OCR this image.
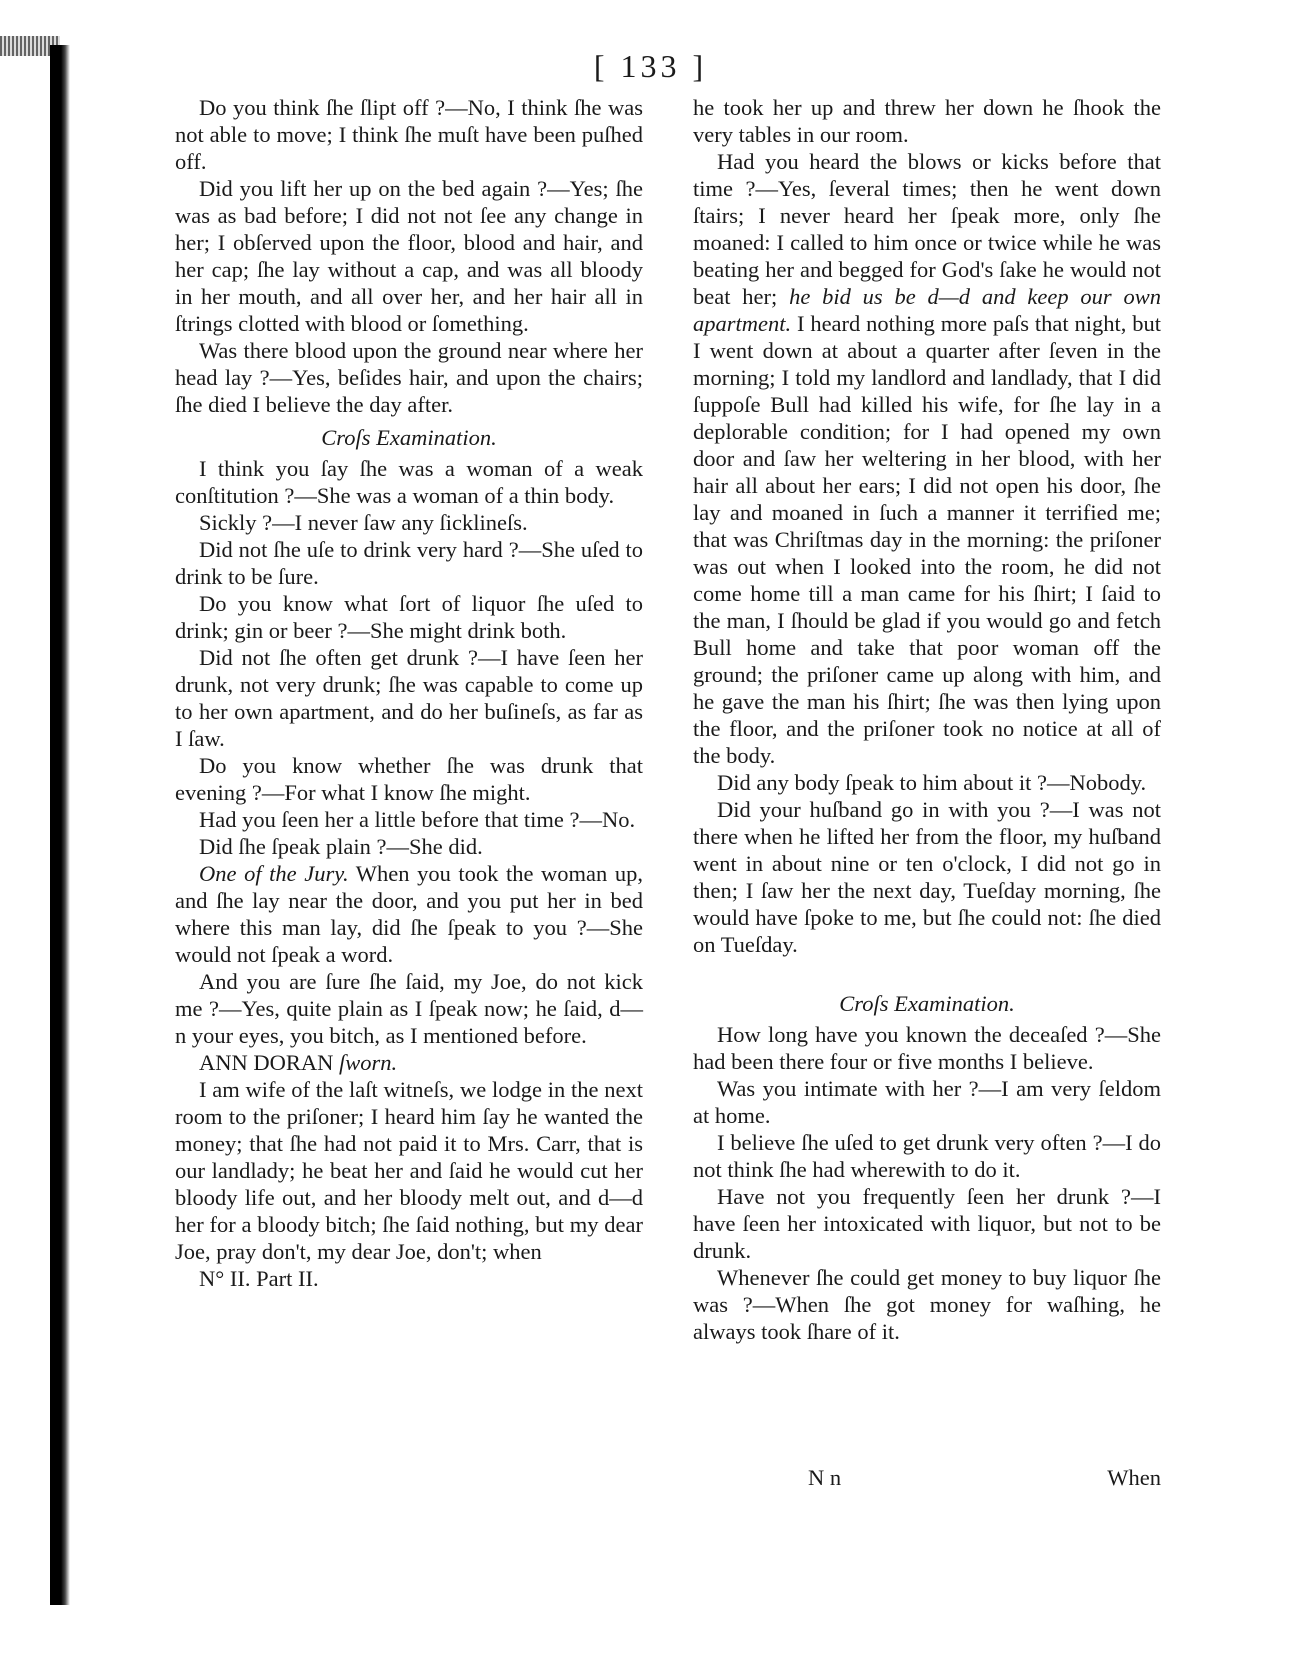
[ 133 ]

Do you think ſhe ſlipt off ?—No, I think ſhe was not able to move; I think ſhe muſt have been puſhed off.

Did you lift her up on the bed again ?—Yes; ſhe was as bad before; I did not not ſee any change in her; I obſerved upon the floor, blood and hair, and her cap; ſhe lay without a cap, and was all bloody in her mouth, and all over her, and her hair all in ſtrings clotted with blood or ſomething.

Was there blood upon the ground near where her head lay ?—Yes, beſides hair, and upon the chairs; ſhe died I believe the day after.

Croſs Examination.

I think you ſay ſhe was a woman of a weak conſtitution ?—She was a woman of a thin body.

Sickly ?—I never ſaw any ſicklineſs.

Did not ſhe uſe to drink very hard ?—She uſed to drink to be ſure.

Do you know what ſort of liquor ſhe uſed to drink; gin or beer ?—She might drink both.

Did not ſhe often get drunk ?—I have ſeen her drunk, not very drunk; ſhe was capable to come up to her own apartment, and do her buſineſs, as far as I ſaw.

Do you know whether ſhe was drunk that evening ?—For what I know ſhe might.

Had you ſeen her a little before that time ?—No.

Did ſhe ſpeak plain ?—She did.

One of the Jury. When you took the woman up, and ſhe lay near the door, and you put her in bed where this man lay, did ſhe ſpeak to you ?—She would not ſpeak a word.

And you are ſure ſhe ſaid, my Joe, do not kick me ?—Yes, quite plain as I ſpeak now; he ſaid, d—n your eyes, you bitch, as I mentioned before.

ANN DORAN ſworn.

I am wife of the laſt witneſs, we lodge in the next room to the priſoner; I heard him ſay he wanted the money; that ſhe had not paid it to Mrs. Carr, that is our landlady; he beat her and ſaid he would cut her bloody life out, and her bloody melt out, and d—d her for a bloody bitch; ſhe ſaid nothing, but my dear Joe, pray don't, my dear Joe, don't; when

N° II. Part II.

he took her up and threw her down he ſhook the very tables in our room.

Had you heard the blows or kicks before that time ?—Yes, ſeveral times; then he went down ſtairs; I never heard her ſpeak more, only ſhe moaned: I called to him once or twice while he was beating her and begged for God's ſake he would not beat her; he bid us be d—d and keep our own apartment. I heard nothing more paſs that night, but I went down at about a quarter after ſeven in the morning; I told my landlord and landlady, that I did ſuppoſe Bull had killed his wife, for ſhe lay in a deplorable condition; for I had opened my own door and ſaw her weltering in her blood, with her hair all about her ears; I did not open his door, ſhe lay and moaned in ſuch a manner it terrified me; that was Chriſtmas day in the morning: the priſoner was out when I looked into the room, he did not come home till a man came for his ſhirt; I ſaid to the man, I ſhould be glad if you would go and fetch Bull home and take that poor woman off the ground; the priſoner came up along with him, and he gave the man his ſhirt; ſhe was then lying upon the floor, and the priſoner took no notice at all of the body.

Did any body ſpeak to him about it ?—Nobody.

Did your huſband go in with you ?—I was not there when he lifted her from the floor, my huſband went in about nine or ten o'clock, I did not go in then; I ſaw her the next day, Tueſday morning, ſhe would have ſpoke to me, but ſhe could not: ſhe died on Tueſday.

Croſs Examination.

How long have you known the deceaſed ?—She had been there four or five months I believe.

Was you intimate with her ?—I am very ſeldom at home.

I believe ſhe uſed to get drunk very often ?—I do not think ſhe had wherewith to do it.

Have not you frequently ſeen her drunk ?—I have ſeen her intoxicated with liquor, but not to be drunk.

Whenever ſhe could get money to buy liquor ſhe was ?—When ſhe got money for waſhing, he always took ſhare of it.

N n	When
